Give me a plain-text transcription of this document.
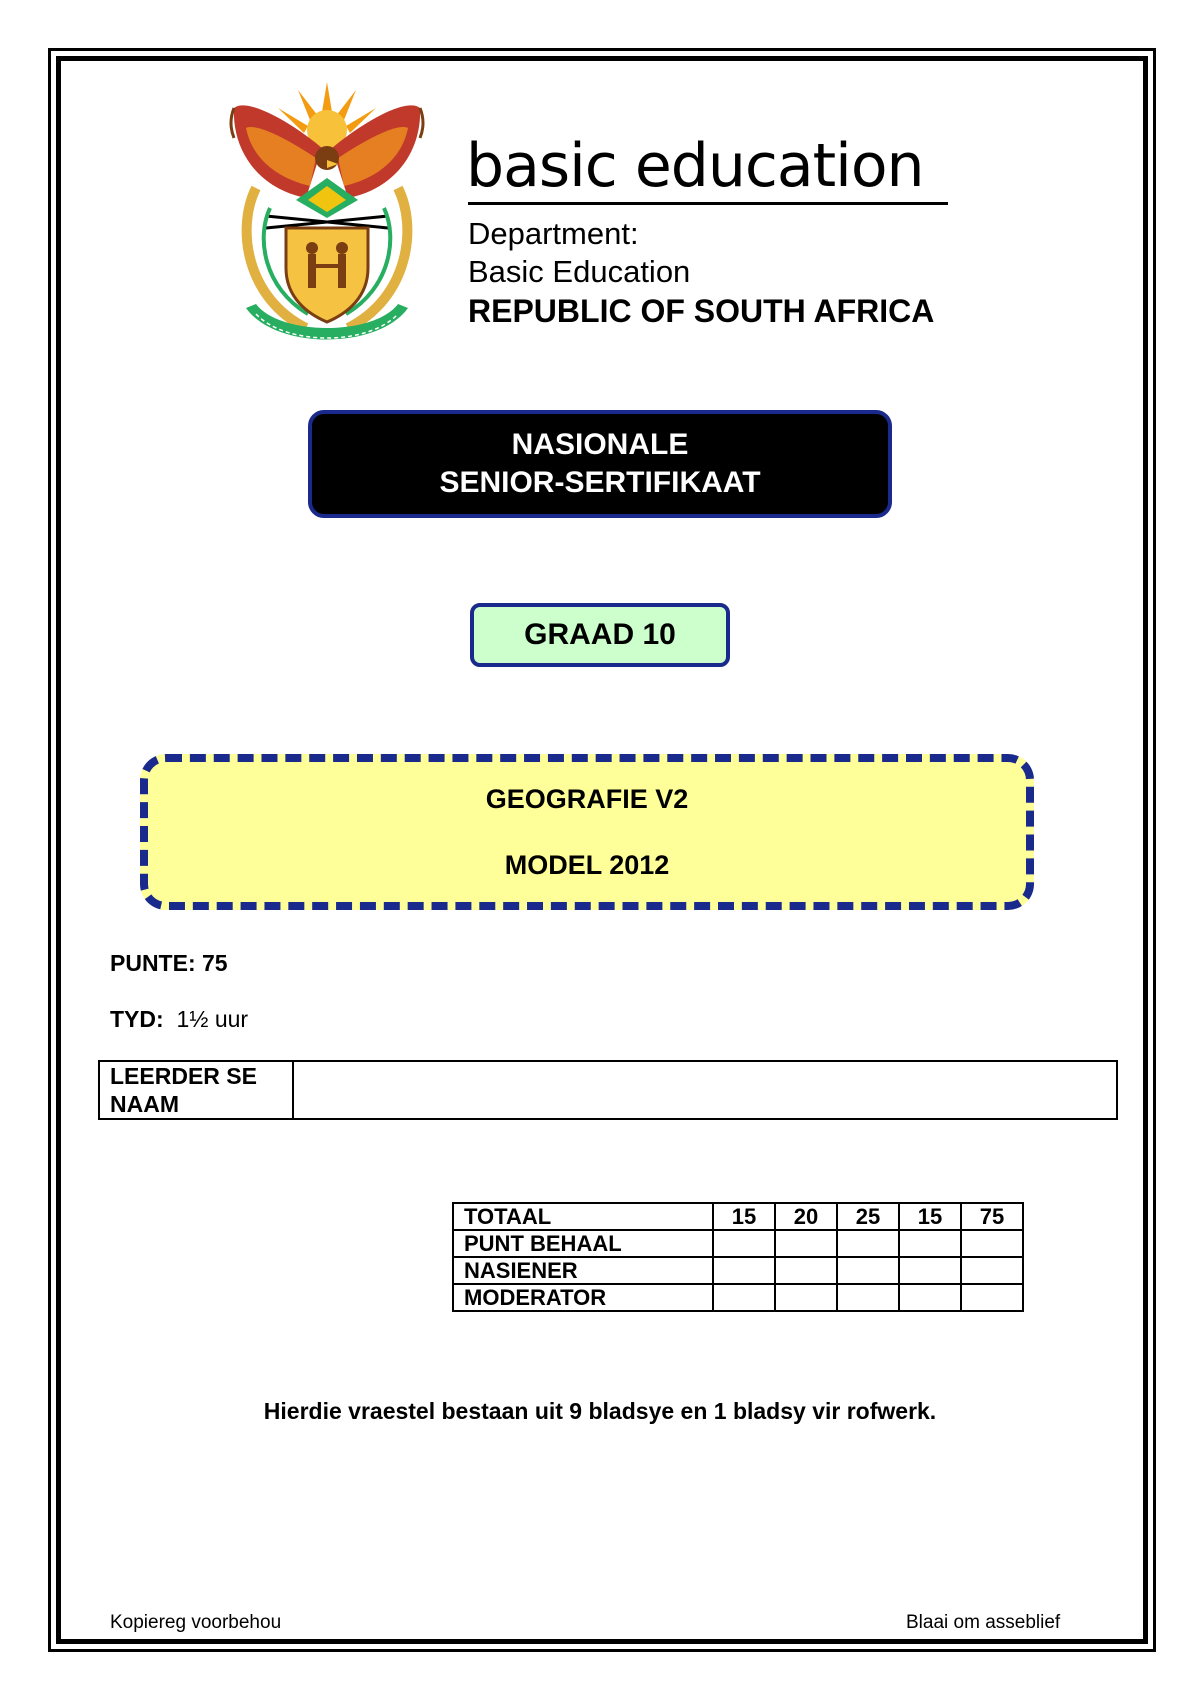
basic education
Department:
Basic Education
REPUBLIC OF SOUTH AFRICA
NASIONALE
SENIOR-SERTIFIKAAT
GRAAD 10
GEOGRAFIE V2
MODEL 2012
PUNTE: 75
TYD: 1½ uur
LEERDER SE NAAM	
TOTAAL	15	20	25	15	75
PUNT BEHAAL					
NASIENER					
MODERATOR					
Hierdie vraestel bestaan uit 9 bladsye en 1 bladsy vir rofwerk.
Kopiereg voorbehou	Blaai om asseblief
